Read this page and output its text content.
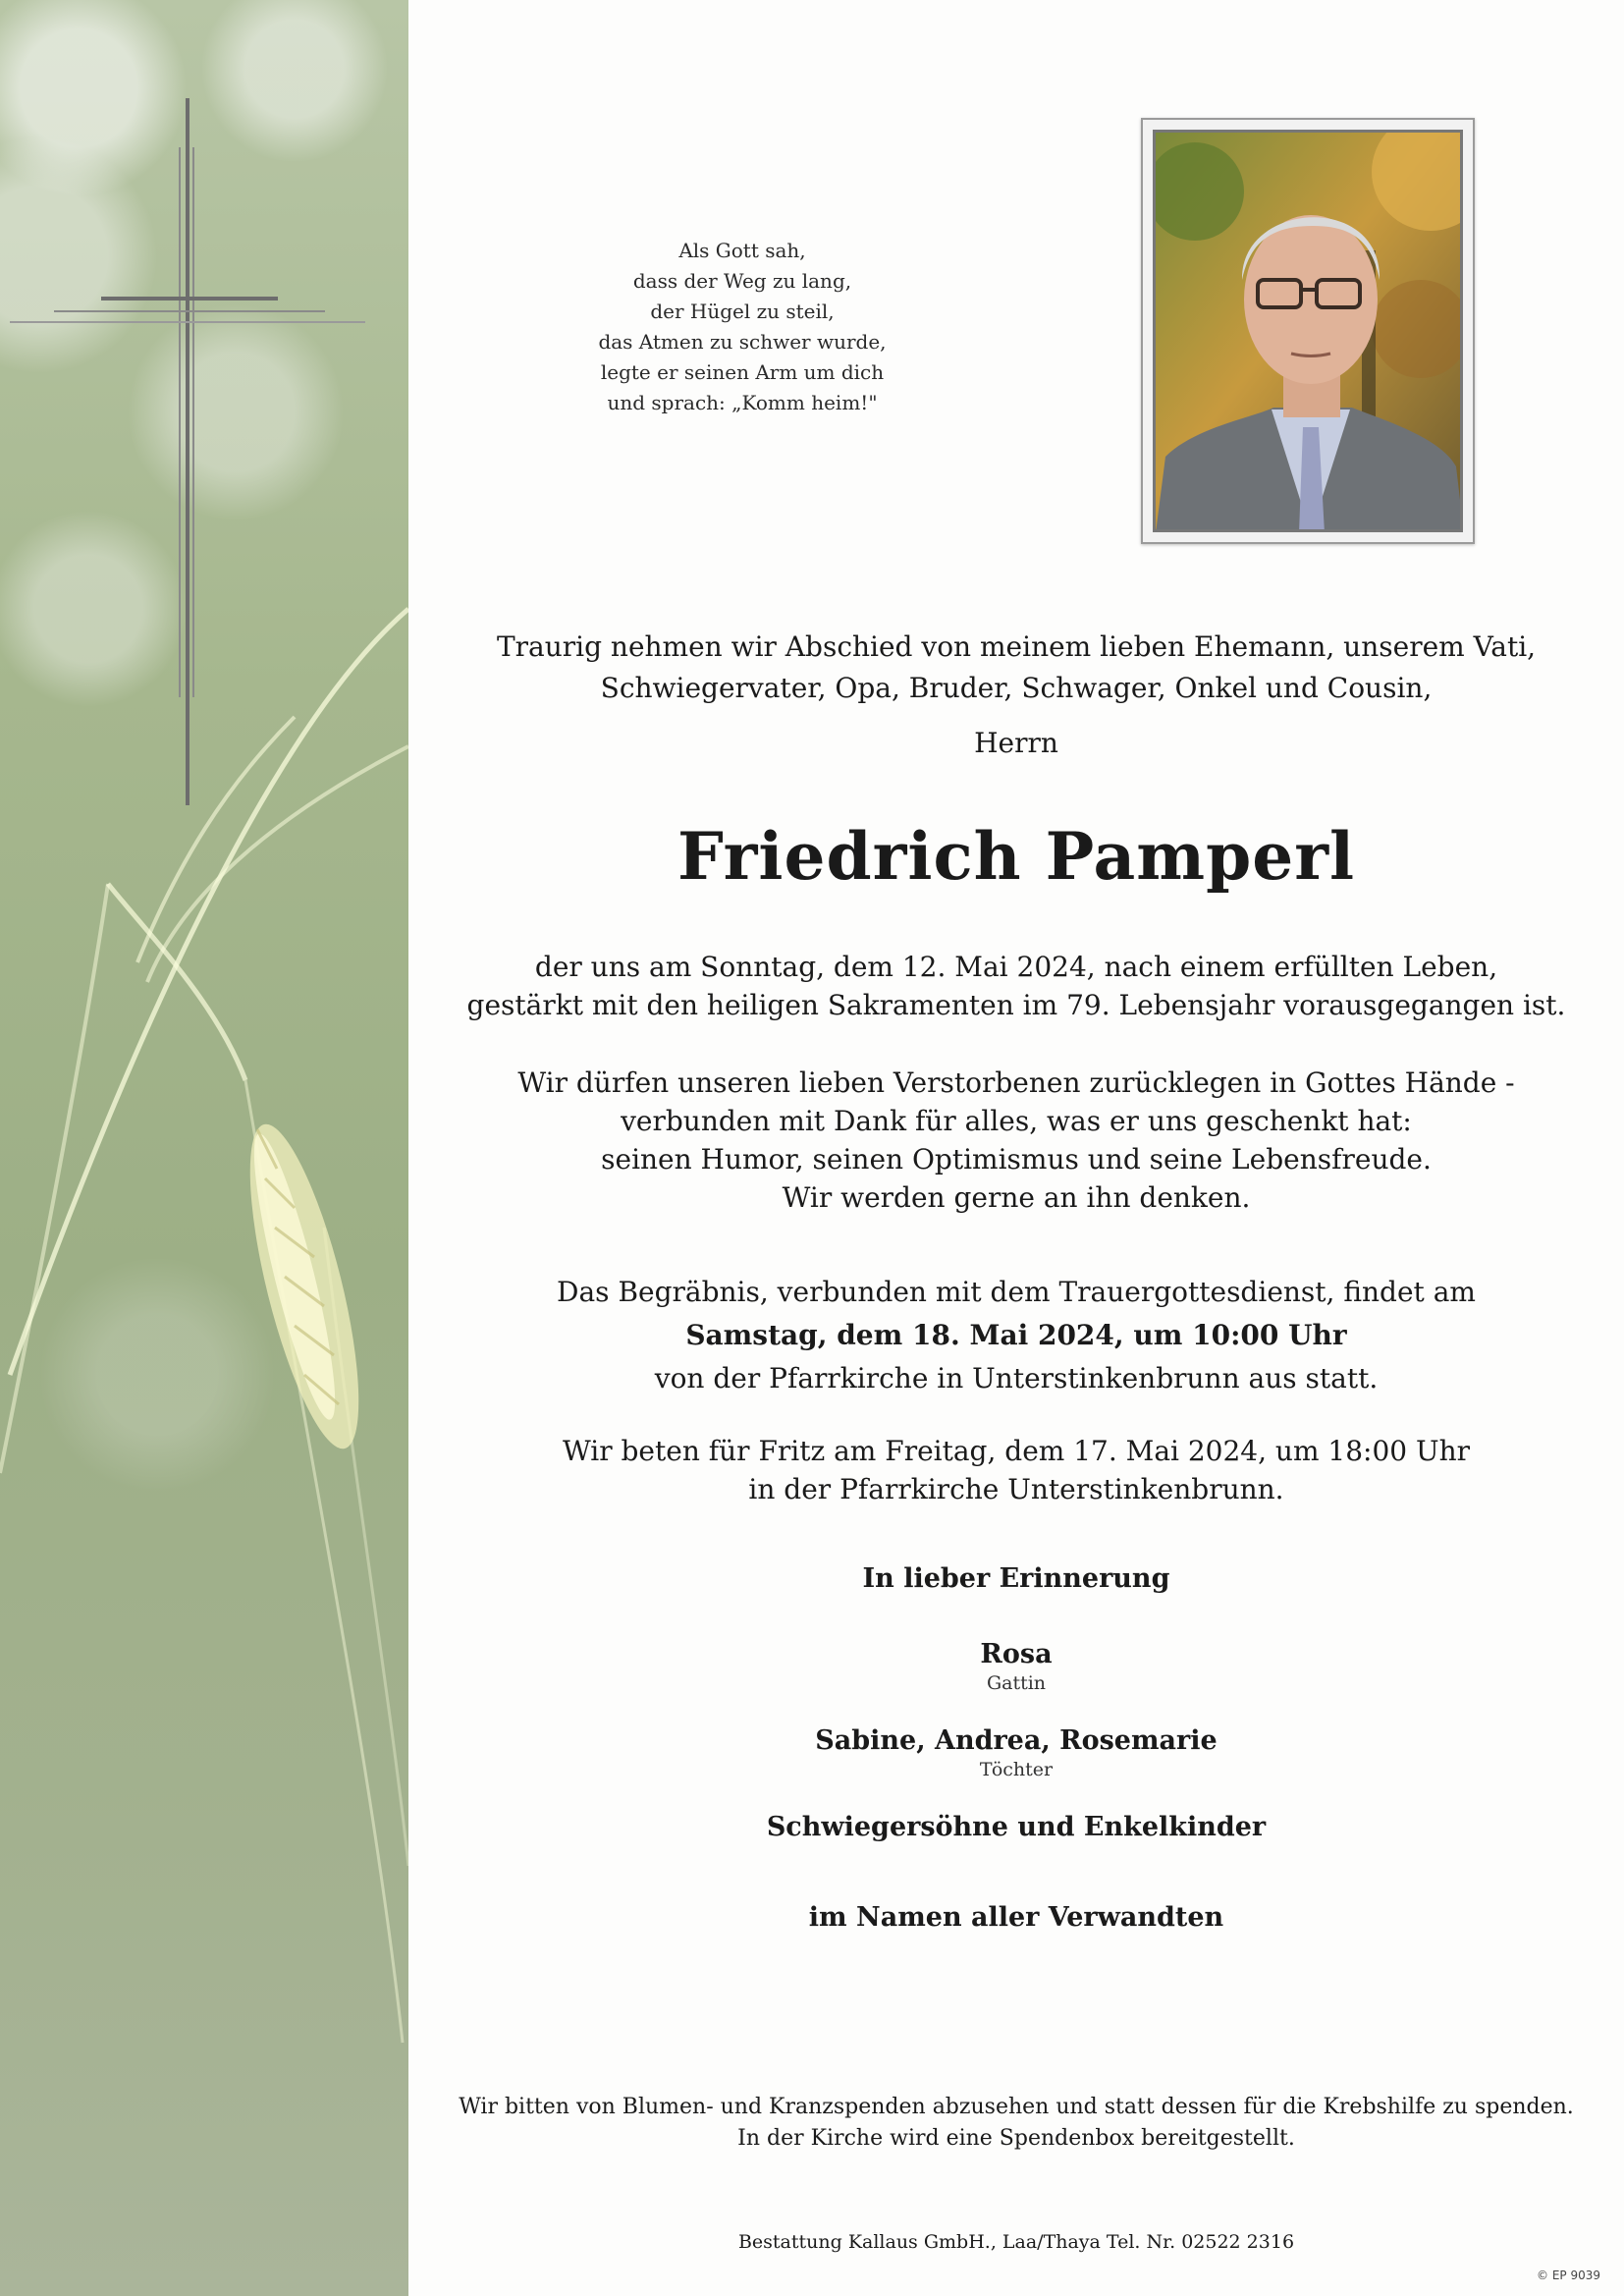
Als Gott sah,
dass der Weg zu lang,
der Hügel zu steil,
das Atmen zu schwer wurde,
legte er seinen Arm um dich
und sprach: „Komm heim!"
Traurig nehmen wir Abschied von meinem lieben Ehemann, unserem Vati,
Schwiegervater, Opa, Bruder, Schwager, Onkel und Cousin,
Herrn
Friedrich Pamperl
der uns am Sonntag, dem 12. Mai 2024, nach einem erfüllten Leben,
gestärkt mit den heiligen Sakramenten im 79. Lebensjahr vorausgegangen ist.
Wir dürfen unseren lieben Verstorbenen zurücklegen in Gottes Hände -
verbunden mit Dank für alles, was er uns geschenkt hat:
seinen Humor, seinen Optimismus und seine Lebensfreude.
Wir werden gerne an ihn denken.
Das Begräbnis, verbunden mit dem Trauergottesdienst, findet am
Samstag, dem 18. Mai 2024, um 10:00 Uhr
von der Pfarrkirche in Unterstinkenbrunn aus statt.
Wir beten für Fritz am Freitag, dem 17. Mai 2024, um 18:00 Uhr
in der Pfarrkirche Unterstinkenbrunn.
In lieber Erinnerung
Rosa
Gattin
Sabine, Andrea, Rosemarie
Töchter
Schwiegersöhne und Enkelkinder
im Namen aller Verwandten
Wir bitten von Blumen- und Kranzspenden abzusehen und statt dessen für die Krebshilfe zu spenden.
In der Kirche wird eine Spendenbox bereitgestellt.
Bestattung Kallaus GmbH., Laa/Thaya Tel. Nr. 02522 2316
© EP 9039
